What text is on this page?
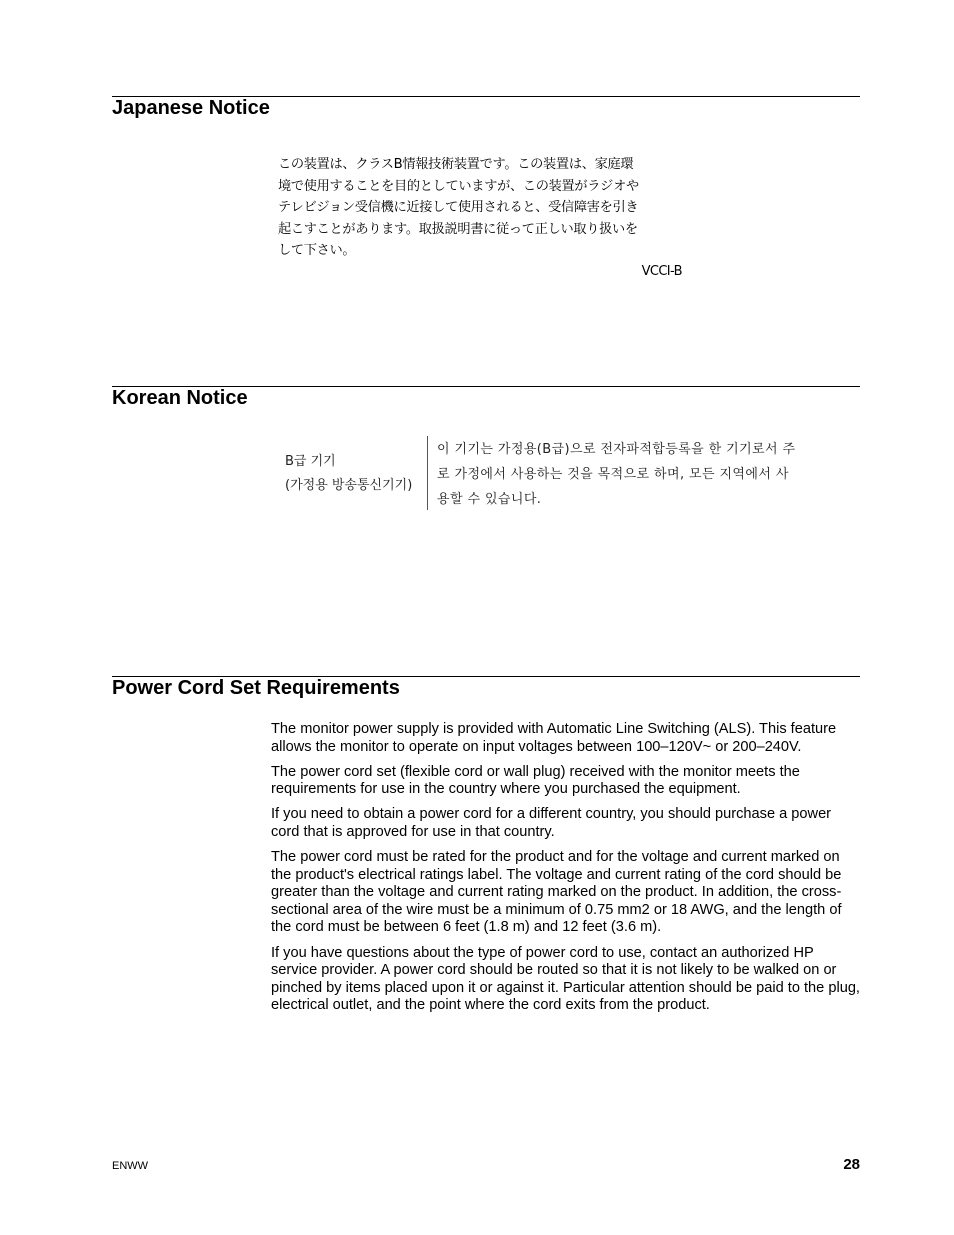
Japanese Notice
この装置は、クラスB情報技術装置です。この装置は、家庭環
境で使用することを目的としていますが、この装置がラジオや
テレビジョン受信機に近接して使用されると、受信障害を引き
起こすことがあります。取扱説明書に従って正しい取り扱いを
して下さい。
VCCI-B
Korean Notice
B급 기기
(가정용 방송통신기기)
이 기기는 가정용(B급)으로 전자파적합등록을 한 기기로서 주
로 가정에서 사용하는 것을 목적으로 하며, 모든 지역에서 사
용할 수 있습니다.
Power Cord Set Requirements

The monitor power supply is provided with Automatic Line Switching (ALS). This feature allows the monitor to operate on input voltages between 100–120V~ or 200–240V.

The power cord set (flexible cord or wall plug) received with the monitor meets the requirements for use in the country where you purchased the equipment.

If you need to obtain a power cord for a different country, you should purchase a power cord that is approved for use in that country.

The power cord must be rated for the product and for the voltage and current marked on the product's electrical ratings label. The voltage and current rating of the cord should be greater than the voltage and current rating marked on the product. In addition, the cross-sectional area of the wire must be a minimum of 0.75 mm2 or 18 AWG, and the length of the cord must be between 6 feet (1.8 m) and 12 feet (3.6 m).

If you have questions about the type of power cord to use, contact an authorized HP service provider. A power cord should be routed so that it is not likely to be walked on or pinched by items placed upon it or against it. Particular attention should be paid to the plug, electrical outlet, and the point where the cord exits from the product.

ENWW	28
